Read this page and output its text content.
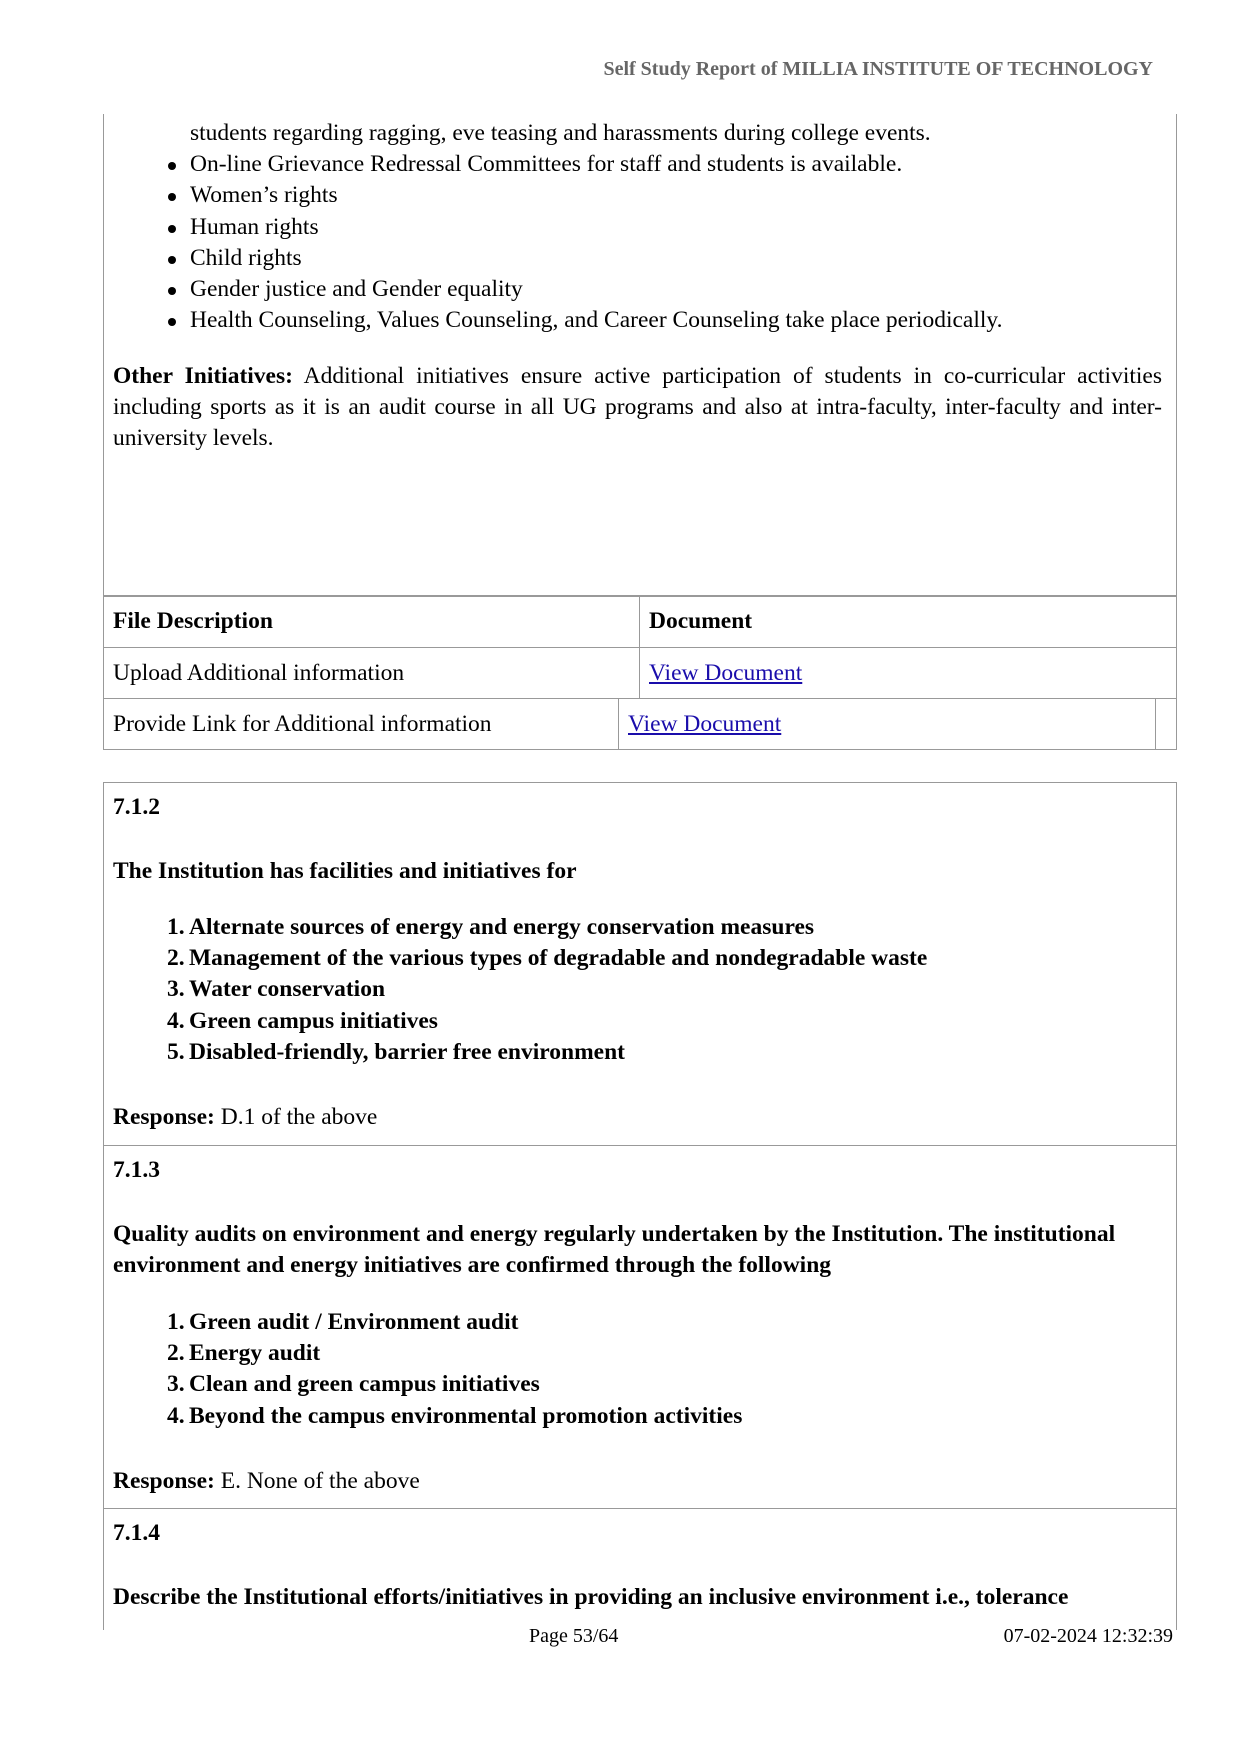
Self Study Report of MILLIA INSTITUTE OF TECHNOLOGY
students regarding ragging, eve teasing and harassments during college events.
On-line Grievance Redressal Committees for staff and students is available.
Women’s rights
Human rights
Child rights
Gender justice and Gender equality
Health Counseling, Values Counseling, and Career Counseling take place periodically.

Other Initiatives: Additional initiatives ensure active participation of students in co-curricular activities including sports as it is an audit course in all UG programs and also at intra-faculty, inter-faculty and inter-university levels.

File Description	Document
Upload Additional information	View Document
Provide Link for Additional information	View Document
7.1.2

The Institution has facilities and initiatives for

1. Alternate sources of energy and energy conservation measures
2. Management of the various types of degradable and nondegradable waste
3. Water conservation
4. Green campus initiatives
5. Disabled-friendly, barrier free environment
Response: D.1 of the above
7.1.3

Quality audits on environment and energy regularly undertaken by the Institution. The institutional environment and energy initiatives are confirmed through the following

1. Green audit / Environment audit
2. Energy audit
3. Clean and green campus initiatives
4. Beyond the campus environmental promotion activities
Response: E. None of the above
7.1.4

Describe the Institutional efforts/initiatives in providing an inclusive environment i.e., tolerance

Page 53/64	07-02-2024 12:32:39
